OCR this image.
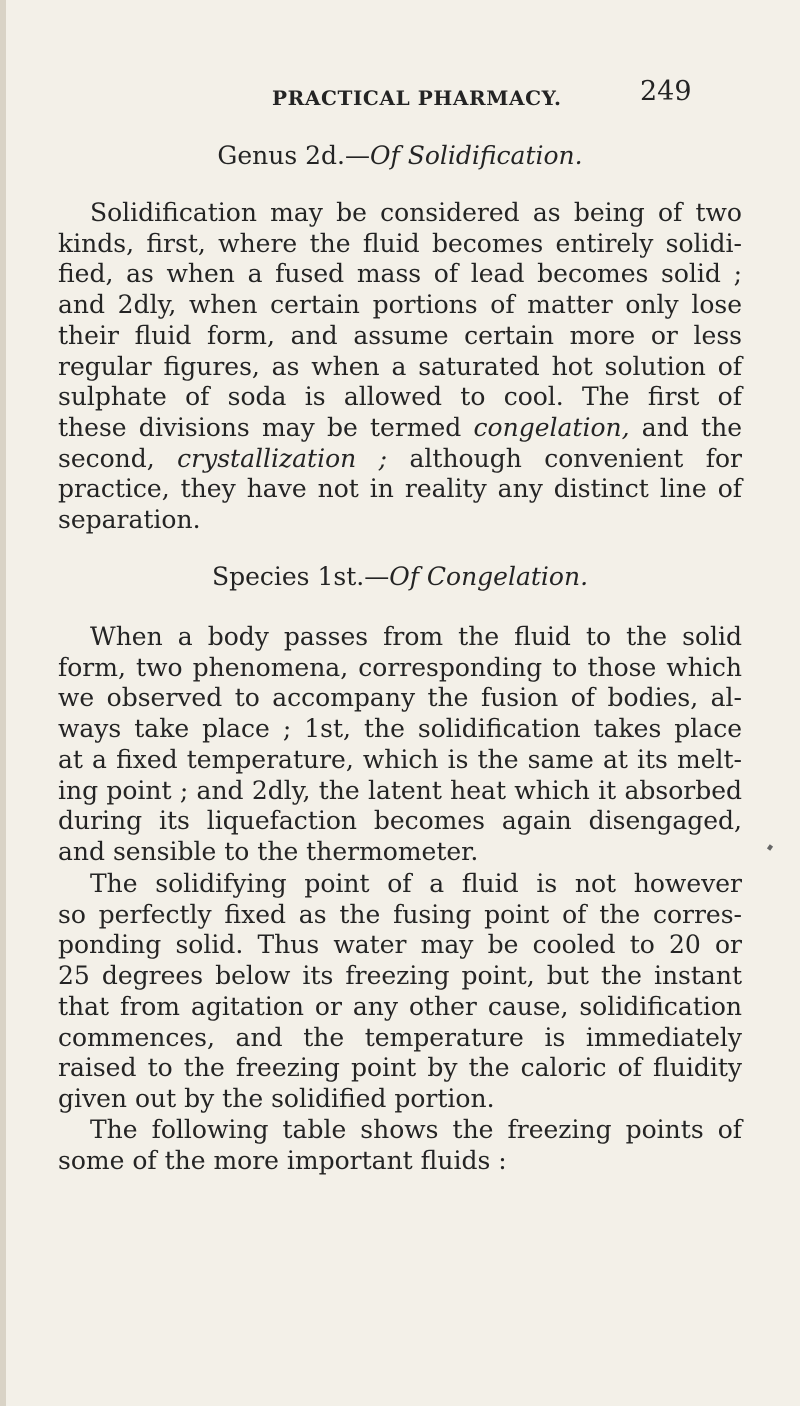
PRACTICAL PHARMACY.	249
Genus 2d.—Of Solidification.
Solidification may be considered as being of two
kinds, first, where the fluid becomes entirely solidi-
fied, as when a fused mass of lead becomes solid ;
and 2dly, when certain portions of matter only lose
their fluid form, and assume certain more or less
regular figures, as when a saturated hot solution of
sulphate of soda is allowed to cool. The first of
these divisions may be termed congelation, and the
second, crystallization ; although convenient for
practice, they have not in reality any distinct line of
separation.
Species 1st.—Of Congelation.
When a body passes from the fluid to the solid
form, two phenomena, corresponding to those which
we observed to accompany the fusion of bodies, al-
ways take place ; 1st, the solidification takes place
at a fixed temperature, which is the same at its melt-
ing point ; and 2dly, the latent heat which it absorbed
during its liquefaction becomes again disengaged,
and sensible to the thermometer.
The solidifying point of a fluid is not however
so perfectly fixed as the fusing point of the corres-
ponding solid. Thus water may be cooled to 20 or
25 degrees below its freezing point, but the instant
that from agitation or any other cause, solidification
commences, and the temperature is immediately
raised to the freezing point by the caloric of fluidity
given out by the solidified portion.
The following table shows the freezing points of
some of the more important fluids :
